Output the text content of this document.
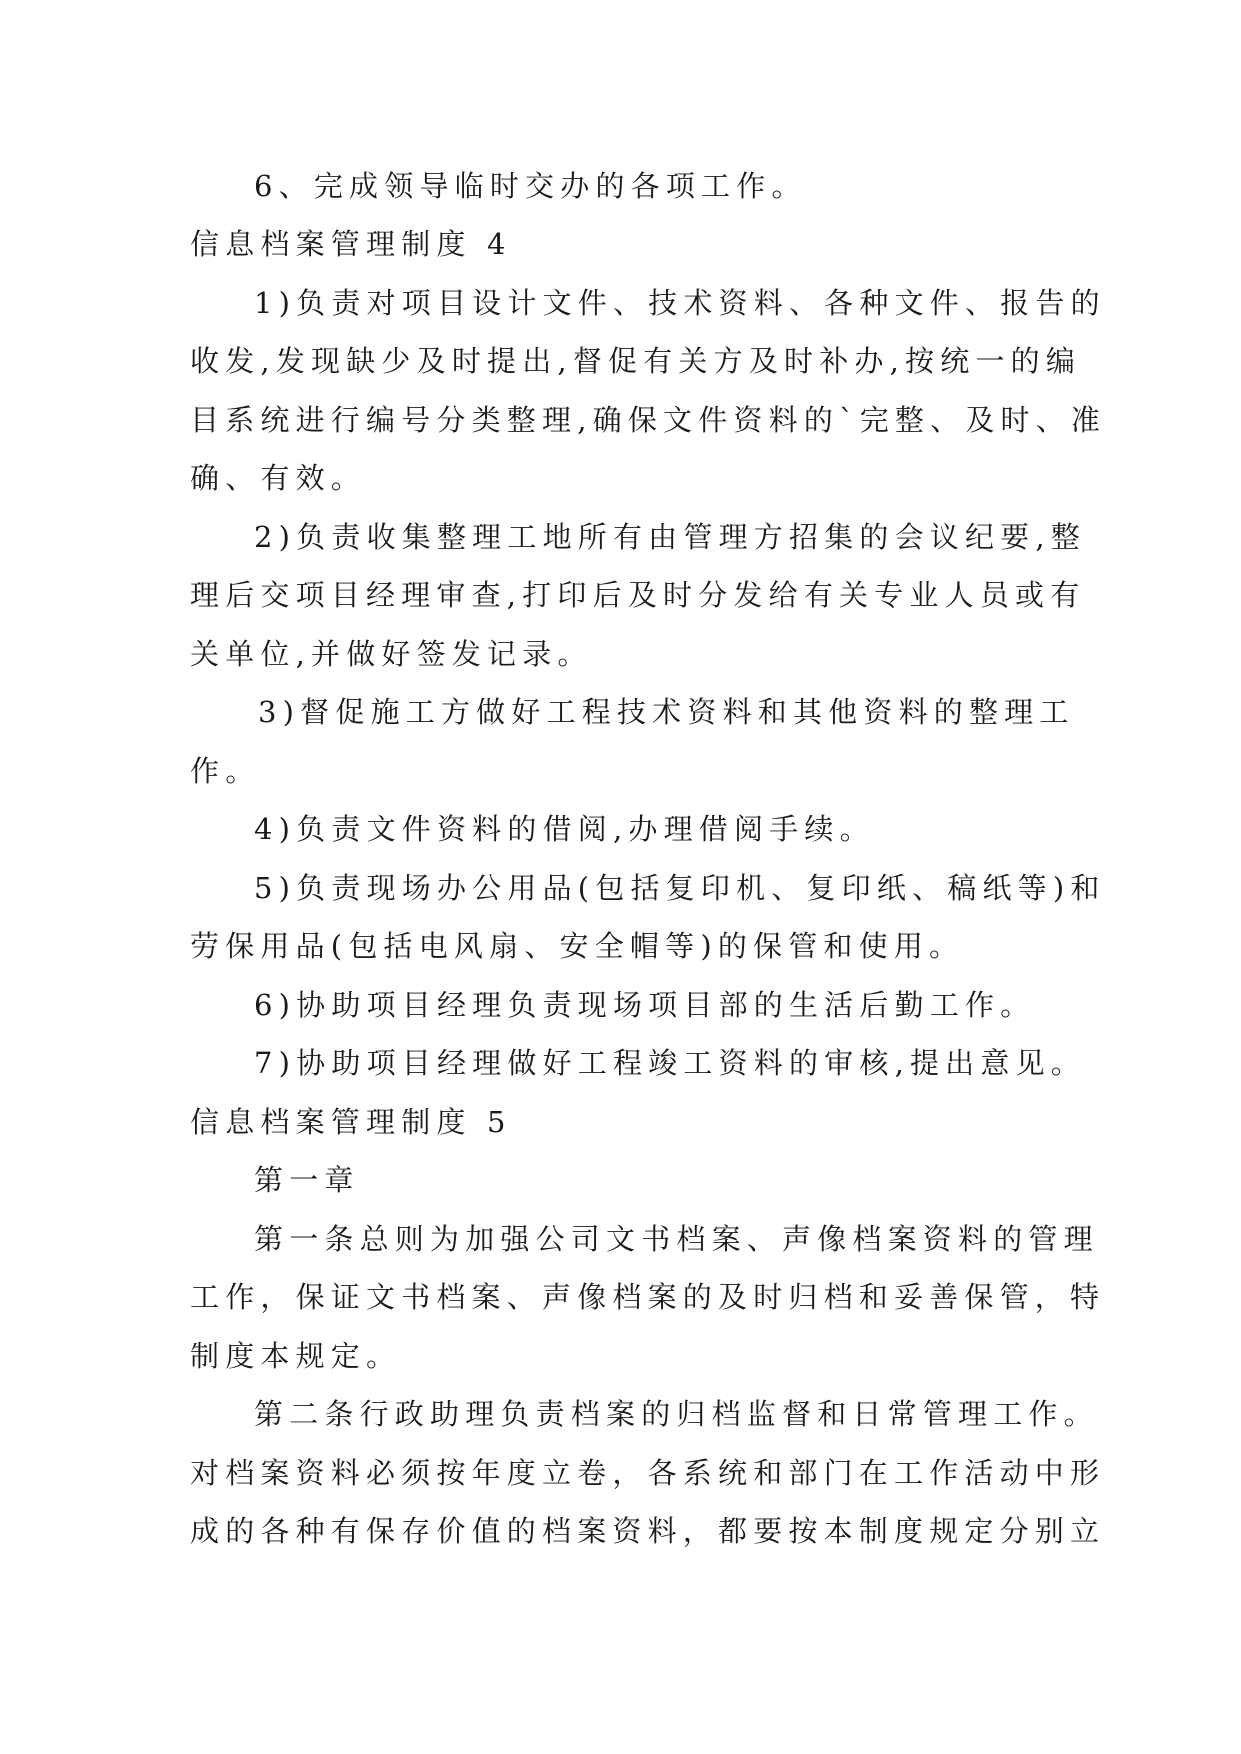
6、完成领导临时交办的各项工作。
信息档案管理制度 4
1)负责对项目设计文件、技术资料、各种文件、报告的
收发,发现缺少及时提出,督促有关方及时补办,按统一的编
目系统进行编号分类整理,确保文件资料的`完整、及时、准
确、有效。
2)负责收集整理工地所有由管理方招集的会议纪要,整
理后交项目经理审查,打印后及时分发给有关专业人员或有
关单位,并做好签发记录。
3)督促施工方做好工程技术资料和其他资料的整理工
作。
4)负责文件资料的借阅,办理借阅手续。
5)负责现场办公用品(包括复印机、复印纸、稿纸等)和
劳保用品(包括电风扇、安全帽等)的保管和使用。
6)协助项目经理负责现场项目部的生活后勤工作。
7)协助项目经理做好工程竣工资料的审核,提出意见。
信息档案管理制度 5
第一章
第一条总则为加强公司文书档案、声像档案资料的管理
工作，保证文书档案、声像档案的及时归档和妥善保管，特
制度本规定。
第二条行政助理负责档案的归档监督和日常管理工作。
对档案资料必须按年度立卷，各系统和部门在工作活动中形
成的各种有保存价值的档案资料，都要按本制度规定分别立
